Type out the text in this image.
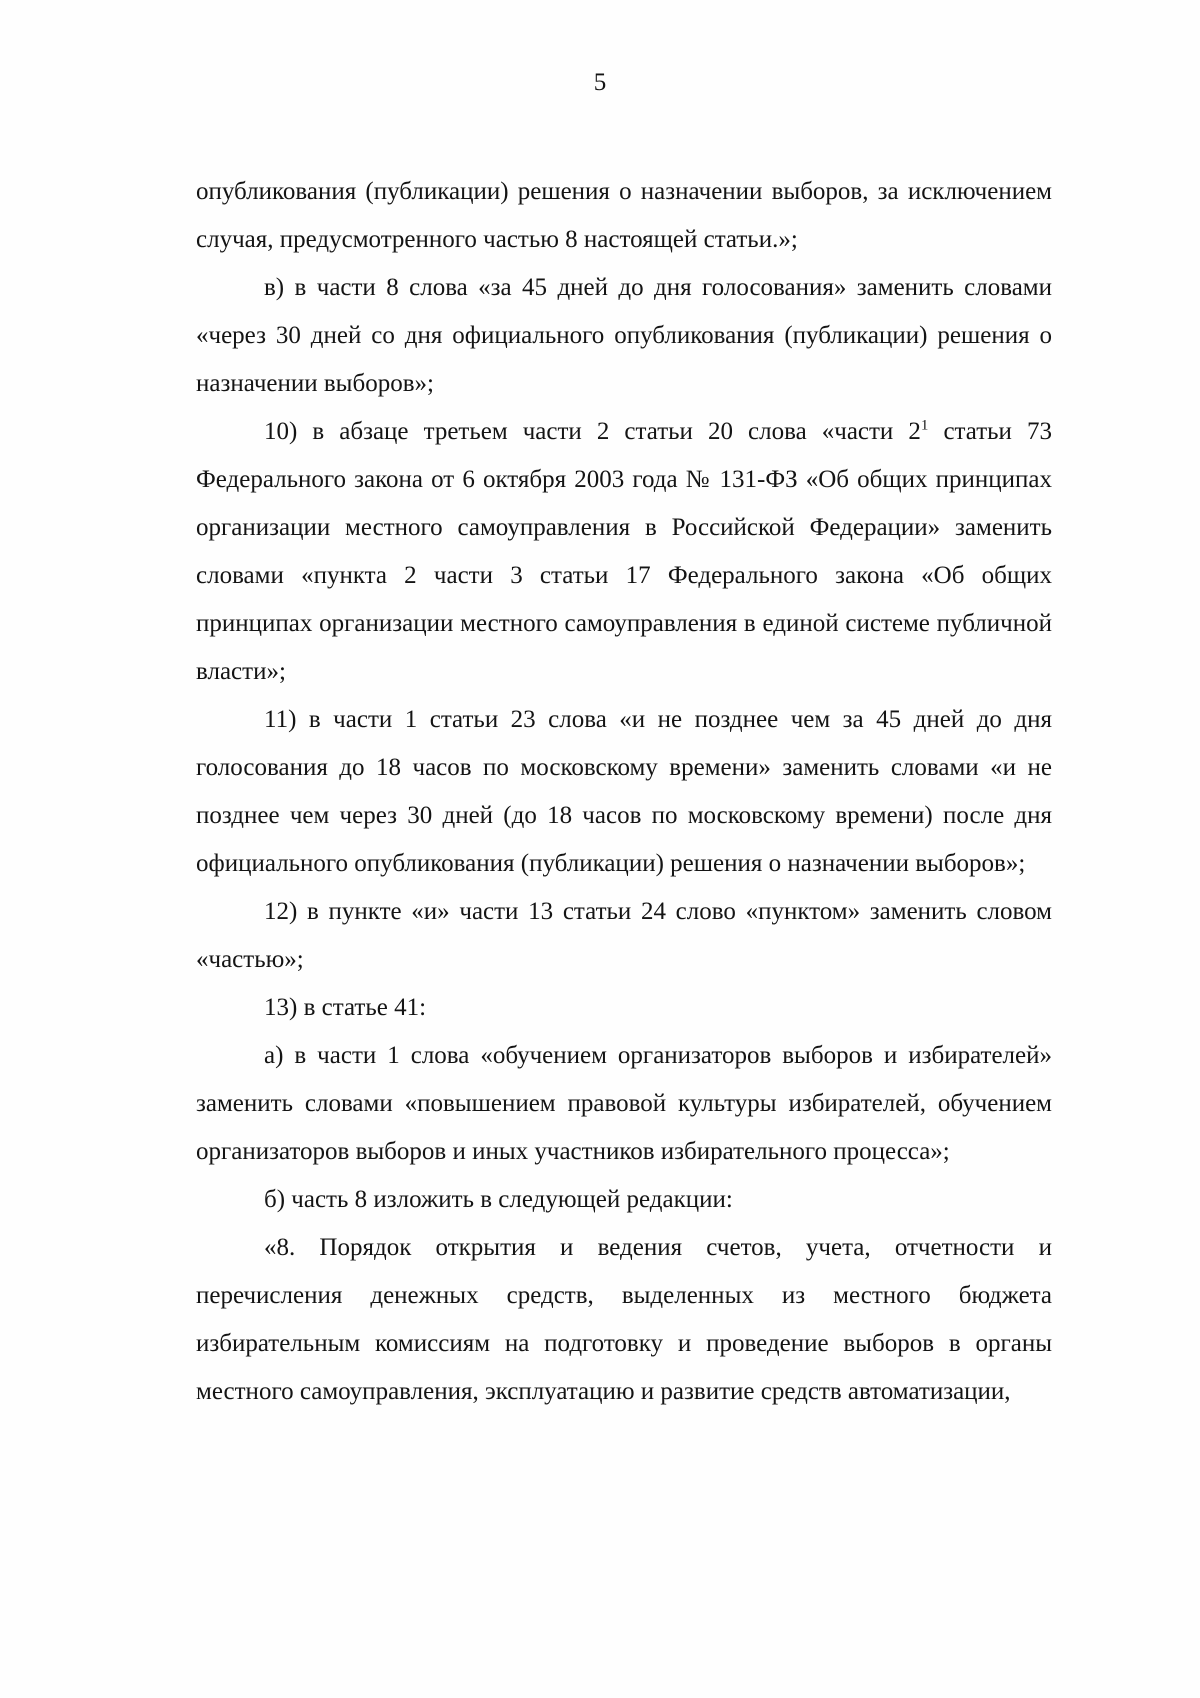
5

опубликования (публикации) решения о назначении выборов, за исключением случая, предусмотренного частью 8 настоящей статьи.»;

в) в части 8 слова «за 45 дней до дня голосования» заменить словами «через 30 дней со дня официального опубликования (публикации) решения о назначении выборов»;

10) в абзаце третьем части 2 статьи 20 слова «части $2^1$ статьи 73 Федерального закона от 6 октября 2003 года № 131-ФЗ «Об общих принципах организации местного самоуправления в Российской Федерации» заменить словами «пункта 2 части 3 статьи 17 Федерального закона «Об общих принципах организации местного самоуправления в единой системе публичной власти»;

11) в части 1 статьи 23 слова «и не позднее чем за 45 дней до дня голосования до 18 часов по московскому времени» заменить словами «и не позднее чем через 30 дней (до 18 часов по московскому времени) после дня официального опубликования (публикации) решения о назначении выборов»;

12) в пункте «и» части 13 статьи 24 слово «пунктом» заменить словом «частью»;

13) в статье 41:

а) в части 1 слова «обучением организаторов выборов и избирателей» заменить словами «повышением правовой культуры избирателей, обучением организаторов выборов и иных участников избирательного процесса»;

б) часть 8 изложить в следующей редакции:

«8. Порядок открытия и ведения счетов, учета, отчетности и перечисления денежных средств, выделенных из местного бюджета избирательным комиссиям на подготовку и проведение выборов в органы местного самоуправления, эксплуатацию и развитие средств автоматизации,
